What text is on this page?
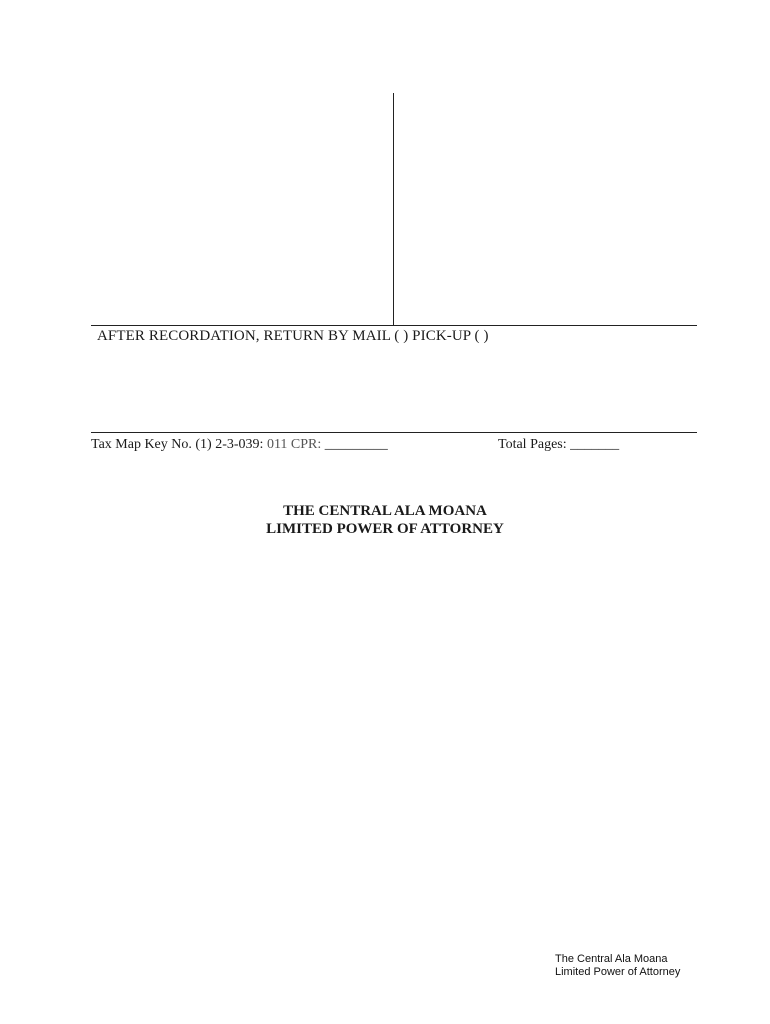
AFTER RECORDATION, RETURN BY MAIL ( ) PICK-UP ( )
Tax Map Key No. (1) 2-3-039: 011 CPR: _________	Total Pages: _______
THE CENTRAL ALA MOANA
LIMITED POWER OF ATTORNEY
The Central Ala Moana
Limited Power of Attorney
